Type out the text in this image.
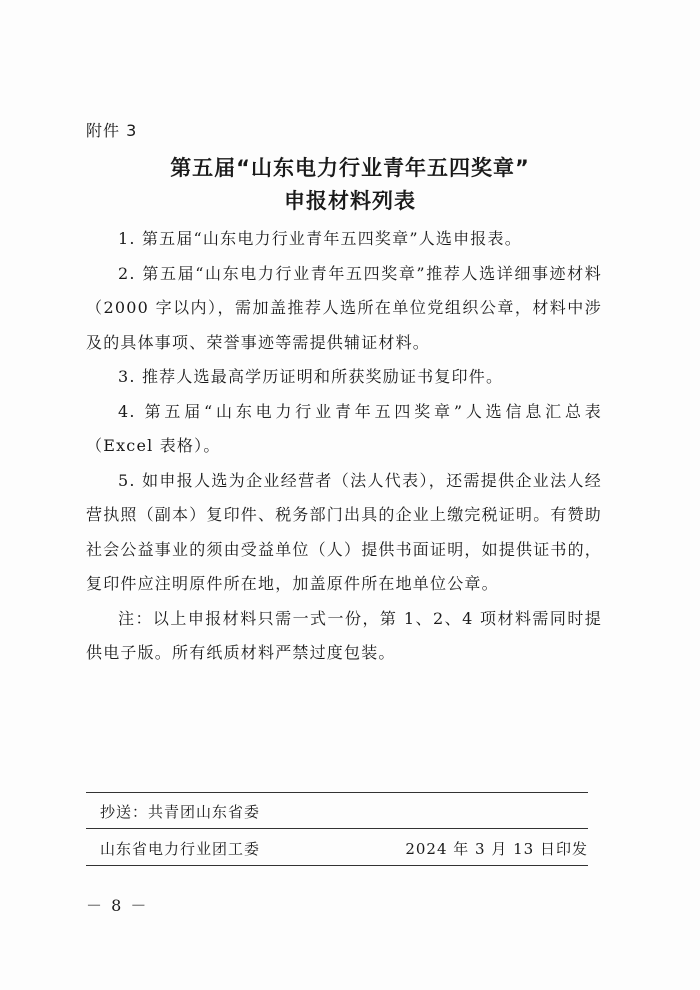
附件 3
第五届“山东电力行业青年五四奖章”
申报材料列表

1. 第五届“山东电力行业青年五四奖章”人选申报表。

2. 第五届“山东电力行业青年五四奖章”推荐人选详细事迹材料（2000 字以内），需加盖推荐人选所在单位党组织公章，材料中涉及的具体事项、荣誉事迹等需提供辅证材料。

3. 推荐人选最高学历证明和所获奖励证书复印件。

4. 第五届“山东电力行业青年五四奖章”人选信息汇总表（Excel 表格）。

5. 如申报人选为企业经营者（法人代表），还需提供企业法人经营执照（副本）复印件、税务部门出具的企业上缴完税证明。有赞助社会公益事业的须由受益单位（人）提供书面证明，如提供证书的，复印件应注明原件所在地，加盖原件所在地单位公章。

注：以上申报材料只需一式一份，第 1、2、4 项材料需同时提供电子版。所有纸质材料严禁过度包装。

抄送：共青团山东省委
山东省电力行业团工委	2024 年 3 月 13 日印发
－ 8 －
